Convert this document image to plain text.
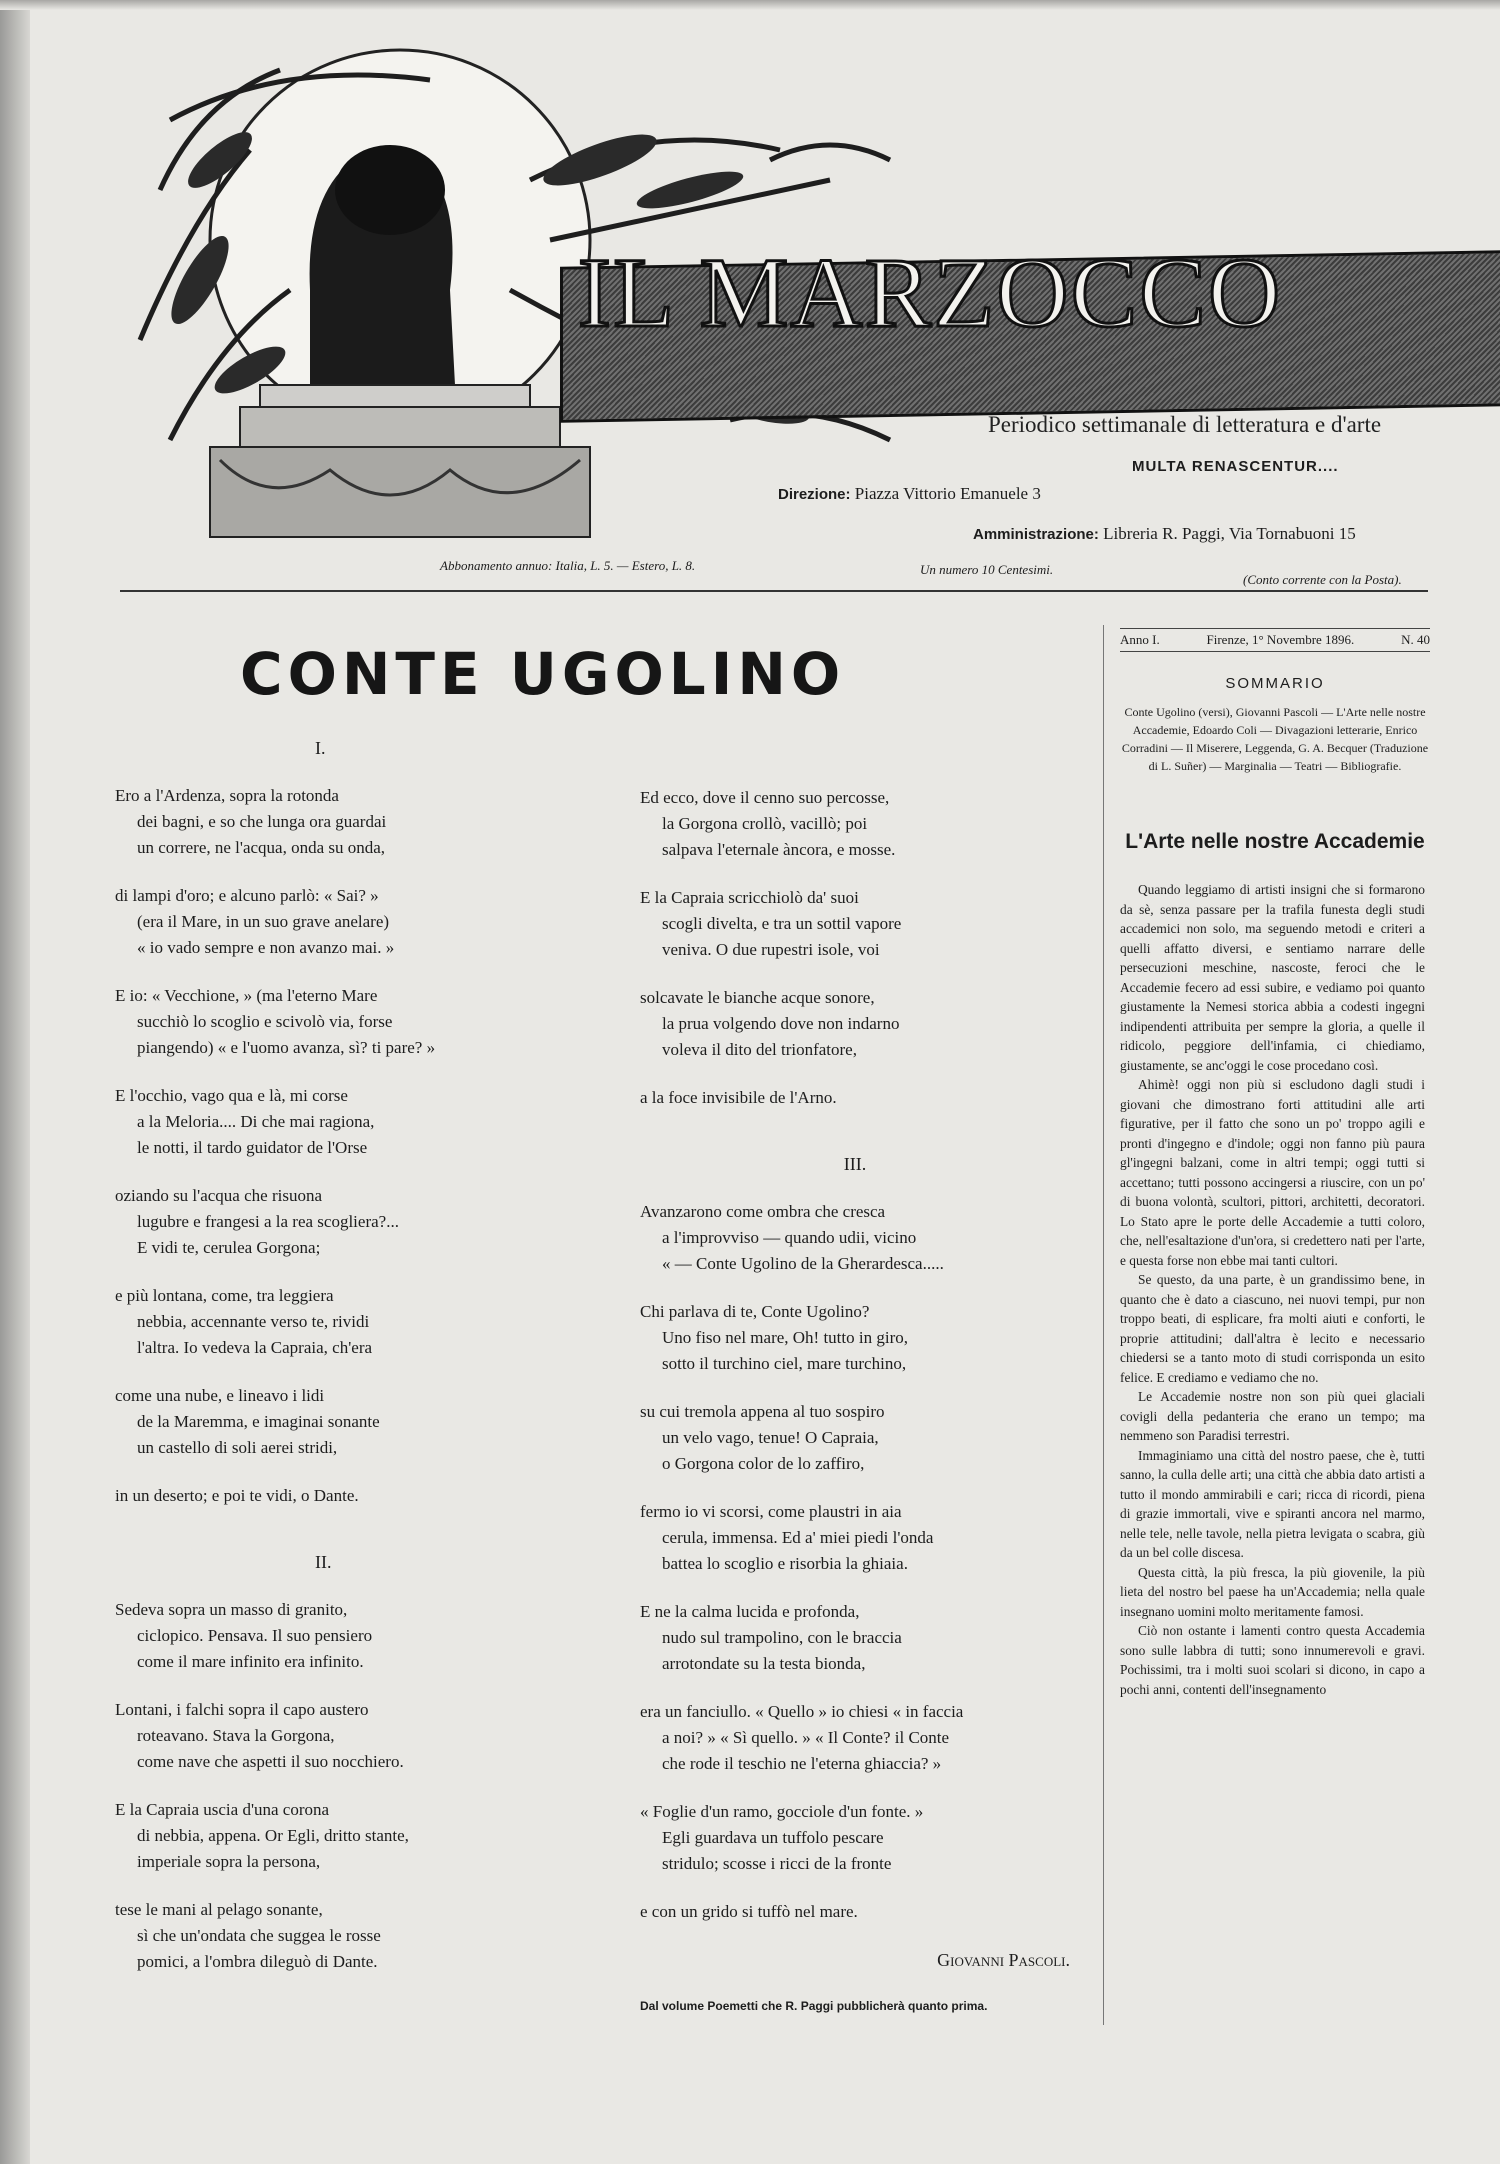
IL MARZOCCO
Periodico settimanale di letteratura e d'arte
MULTA RENASCENTUR....
Direzione: Piazza Vittorio Emanuele 3
Amministrazione: Libreria R. Paggi, Via Tornabuoni 15
Abbonamento annuo: Italia, L. 5. — Estero, L. 8.	Un numero 10 Centesimi.
(Conto corrente con la Posta).
CONTE UGOLINO
I.
Ero a l'Ardenza, sopra la rotonda
dei bagni, e so che lunga ora guardai
un correre, ne l'acqua, onda su onda,
di lampi d'oro; e alcuno parlò: « Sai? »
(era il Mare, in un suo grave anelare)
« io vado sempre e non avanzo mai. »
E io: « Vecchione, » (ma l'eterno Mare
succhiò lo scoglio e scivolò via, forse
piangendo) « e l'uomo avanza, sì? ti pare? »
E l'occhio, vago qua e là, mi corse
a la Meloria.... Di che mai ragiona,
le notti, il tardo guidator de l'Orse
oziando su l'acqua che risuona
lugubre e frangesi a la rea scogliera?...
E vidi te, cerulea Gorgona;
e più lontana, come, tra leggiera
nebbia, accennante verso te, rividi
l'altra. Io vedeva la Capraia, ch'era
come una nube, e lineavo i lidi
de la Maremma, e imaginai sonante
un castello di soli aerei stridi,
in un deserto; e poi te vidi, o Dante.
II.
Sedeva sopra un masso di granito,
ciclopico. Pensava. Il suo pensiero
come il mare infinito era infinito.
Lontani, i falchi sopra il capo austero
roteavano. Stava la Gorgona,
come nave che aspetti il suo nocchiero.
E la Capraia uscia d'una corona
di nebbia, appena. Or Egli, dritto stante,
imperiale sopra la persona,
tese le mani al pelago sonante,
sì che un'ondata che suggea le rosse
pomici, a l'ombra dileguò di Dante.
Ed ecco, dove il cenno suo percosse,
la Gorgona crollò, vacillò; poi
salpava l'eternale àncora, e mosse.
E la Capraia scricchiolò da' suoi
scogli divelta, e tra un sottil vapore
veniva. O due rupestri isole, voi
solcavate le bianche acque sonore,
la prua volgendo dove non indarno
voleva il dito del trionfatore,
a la foce invisibile de l'Arno.
III.
Avanzarono come ombra che cresca
a l'improvviso — quando udii, vicino
« — Conte Ugolino de la Gherardesca.....
Chi parlava di te, Conte Ugolino?
Uno fiso nel mare, Oh! tutto in giro,
sotto il turchino ciel, mare turchino,
su cui tremola appena al tuo sospiro
un velo vago, tenue! O Capraia,
o Gorgona color de lo zaffiro,
fermo io vi scorsi, come plaustri in aia
cerula, immensa. Ed a' miei piedi l'onda
battea lo scoglio e risorbia la ghiaia.
E ne la calma lucida e profonda,
nudo sul trampolino, con le braccia
arrotondate su la testa bionda,
era un fanciullo. « Quello » io chiesi « in faccia
a noi? » « Sì quello. » « Il Conte? il Conte
che rode il teschio ne l'eterna ghiaccia? »
« Foglie d'un ramo, gocciole d'un fonte. »
Egli guardava un tuffolo pescare
stridulo; scosse i ricci de la fronte
e con un grido si tuffò nel mare.
Giovanni Pascoli.
Dal volume Poemetti che R. Paggi pubblicherà quanto prima.
Anno I.	Firenze, 1° Novembre 1896.	N. 40
SOMMARIO
Conte Ugolino (versi), Giovanni Pascoli — L'Arte nelle nostre Accademie, Edoardo Coli — Divagazioni letterarie, Enrico Corradini — Il Miserere, Leggenda, G. A. Becquer (Traduzione di L. Suñer) — Marginalia — Teatri — Bibliografie.
L'Arte nelle nostre Accademie

Quando leggiamo di artisti insigni che si formarono da sè, senza passare per la trafila funesta degli studi accademici non solo, ma seguendo metodi e criteri a quelli affatto diversi, e sentiamo narrare delle persecuzioni meschine, nascoste, feroci che le Accademie fecero ad essi subire, e vediamo poi quanto giustamente la Nemesi storica abbia a codesti ingegni indipendenti attribuita per sempre la gloria, a quelle il ridicolo, peggiore dell'infamia, ci chiediamo, giustamente, se anc'oggi le cose procedano così.

Ahimè! oggi non più si escludono dagli studi i giovani che dimostrano forti attitudini alle arti figurative, per il fatto che sono un po' troppo agili e pronti d'ingegno e d'indole; oggi non fanno più paura gl'ingegni balzani, come in altri tempi; oggi tutti si accettano; tutti possono accingersi a riuscire, con un po' di buona volontà, scultori, pittori, architetti, decoratori. Lo Stato apre le porte delle Accademie a tutti coloro, che, nell'esaltazione d'un'ora, si credettero nati per l'arte, e questa forse non ebbe mai tanti cultori.

Se questo, da una parte, è un grandissimo bene, in quanto che è dato a ciascuno, nei nuovi tempi, pur non troppo beati, di esplicare, fra molti aiuti e conforti, le proprie attitudini; dall'altra è lecito e necessario chiedersi se a tanto moto di studi corrisponda un esito felice. E crediamo e vediamo che no.

Le Accademie nostre non son più quei glaciali covigli della pedanteria che erano un tempo; ma nemmeno son Paradisi terrestri.

Immaginiamo una città del nostro paese, che è, tutti sanno, la culla delle arti; una città che abbia dato artisti a tutto il mondo ammirabili e cari; ricca di ricordi, piena di grazie immortali, vive e spiranti ancora nel marmo, nelle tele, nelle tavole, nella pietra levigata o scabra, giù da un bel colle discesa.

Questa città, la più fresca, la più giovenile, la più lieta del nostro bel paese ha un'Accademia; nella quale insegnano uomini molto meritamente famosi.

Ciò non ostante i lamenti contro questa Accademia sono sulle labbra di tutti; sono innumerevoli e gravi. Pochissimi, tra i molti suoi scolari si dicono, in capo a pochi anni, contenti dell'insegnamento
